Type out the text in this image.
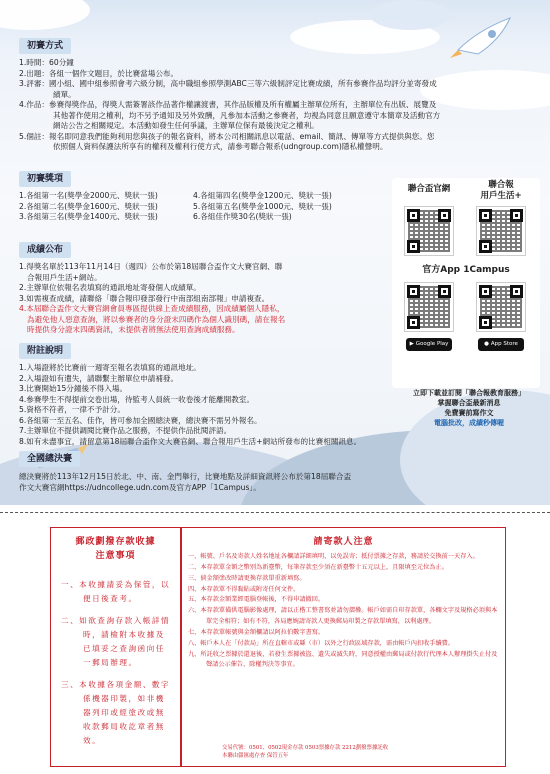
初賽方式
1.時間：60分鐘
2.出題：各組一個作文題目，於比賽當場公布。
3.評審：國小組、國中組參照會考六級分制，高中職組參照學測ABC三等六級制評定比賽成績，所有參賽作品均評分並寄發成
績單。
4.作品：參賽得獎作品，得獎人需簽署該作品著作權讓渡書，其作品版權及所有權屬主辦單位所有，主辦單位有出版、展覽及
其他著作使用之權利，均不另予通知及另外致酬，凡參加本活動之參賽者，均視為同意且願意遵守本簡章及活動官方
網站公告之相關規定。本活動如發生任何爭議，主辦單位保有最後決定之權利。
5.個註：報名即同意我們能夠利用您與孩子的報名資料，將本公司相關訊息以電話、email、簡訊、傳單等方式提供與您。您
依照個人資料保護法所享有的權利及權利行使方式，請參考聯合報系(udngroup.com)隱私權聲明。
初賽獎項
1.各組第一名(獎學金2000元、獎狀一張)
2.各組第二名(獎學金1600元、獎狀一張)
3.各組第三名(獎學金1400元、獎狀一張)
4.各組第四名(獎學金1200元、獎狀一張)
5.各組第五名(獎學金1000元、獎狀一張)
6.各組佳作獎30名(獎狀一張)
成績公布
1.得獎名單於113年11月14日（週四）公布於第18屆聯合盃作文大賽官網、聯
合報用戶生活+網站。
2.主辦單位依報名表填寫的通訊地址寄發個人成績單。
3.如需複查成績，請聯絡「聯合報印發部發行中南部組南部報」申請複查。
4.本屆聯合盃作文大賽官網會員專區提供線上查成績服務，因成績屬個人隱私，
為避免他人惡意查詢，將以參賽者的身分證末四碼作為個人識別碼，請在報名
時提供身分證末四碼資訊，未提供者將無法使用查詢成績服務。
附註說明
1.入場證將於比賽前一週寄至報名表填寫的通訊地址。
2.入場證如有遺失，請聯繫主辦單位申請補發。
3.比賽開始15分鐘後不得入場。
4.參賽學生不得提前交卷出場，待監考人員統一收卷後才能離開教室。
5.資格不符者，一律不予計分。
6.各組第一至五名、佳作，皆可參加全國總決賽，總決賽不需另外報名。
7.主辦單位不提供調閱比賽作品之服務，不提供作品批閱評語。
8.如有未盡事宜，請留意第18屆聯合盃作文大賽官網、聯合報用戶生活+網站所發布的比賽相關訊息。
全國總決賽
總決賽將於113年12月15日於北、中、南、金門舉行，比賽地點及詳細資訊將公布於第18屆聯合盃
作文大賽官網https://udncollege.udn.com及官方APP「1Campus」。
聯合盃官網	聯合報
用戶生活+
官方App 1Campus
▶ Google Play	● App Store
立即下載並訂閱「聯合報教育服務」
掌握聯合盃最新消息
免費賽前寫作文
電腦批改，成績秒傳喔
郵政劃撥存款收據
注意事項
一、本收據請妥為保管，以便日後查考。
二、如欲查詢存款入帳詳情時，請檢附本收據及已填妥之查詢函向任一郵局辦理。
三、本收據各項金額、數字係機器印製，如非機器列印或經塗改或無收款郵局收訖章者無效。
請寄款人注意
一、帳號、戶名及寄款人姓名地址各欄請詳細填明，以免誤寄；抵付票據之存款，務請於交換前一天存入。
二、本存款單金額之幣別為新臺幣，每筆存款至少須在新臺幣十五元以上，且限填至元位為止。
三、倘金額塗改時請更換存款單重新填寫。
四、本存款單不得黏貼或附寄任何文件。
五、本存款金額業經電腦登帳後，不得申請撤回。
六、本存款單備供電腦影像處理，請以正楷工整書寫並請勿摺疊。帳戶如需自印存款單，各欄文字及規格必須與本單完全相符；如有不符，各局應婉請寄款人更換郵局印製之存款單填寫，以利處理。
七、本存款單帳號與金額欄請以阿拉伯數字書寫。
八、帳戶本人在「付款局」所在直轄市或縣（市）以外之行政區域存款，需由帳戶內扣收手續費。
九、所託收之票據於還退後，若發生票據被盜、遺失或滅失時，同意授權由郵局或付款行代理本人辦理掛失止付及聲請公示催告、除權判決等事宜。
交易代號：0501、0502現金存款 0503票據存款 2212劃撥票據託收
本聯由儲匯處存查 保管五年
